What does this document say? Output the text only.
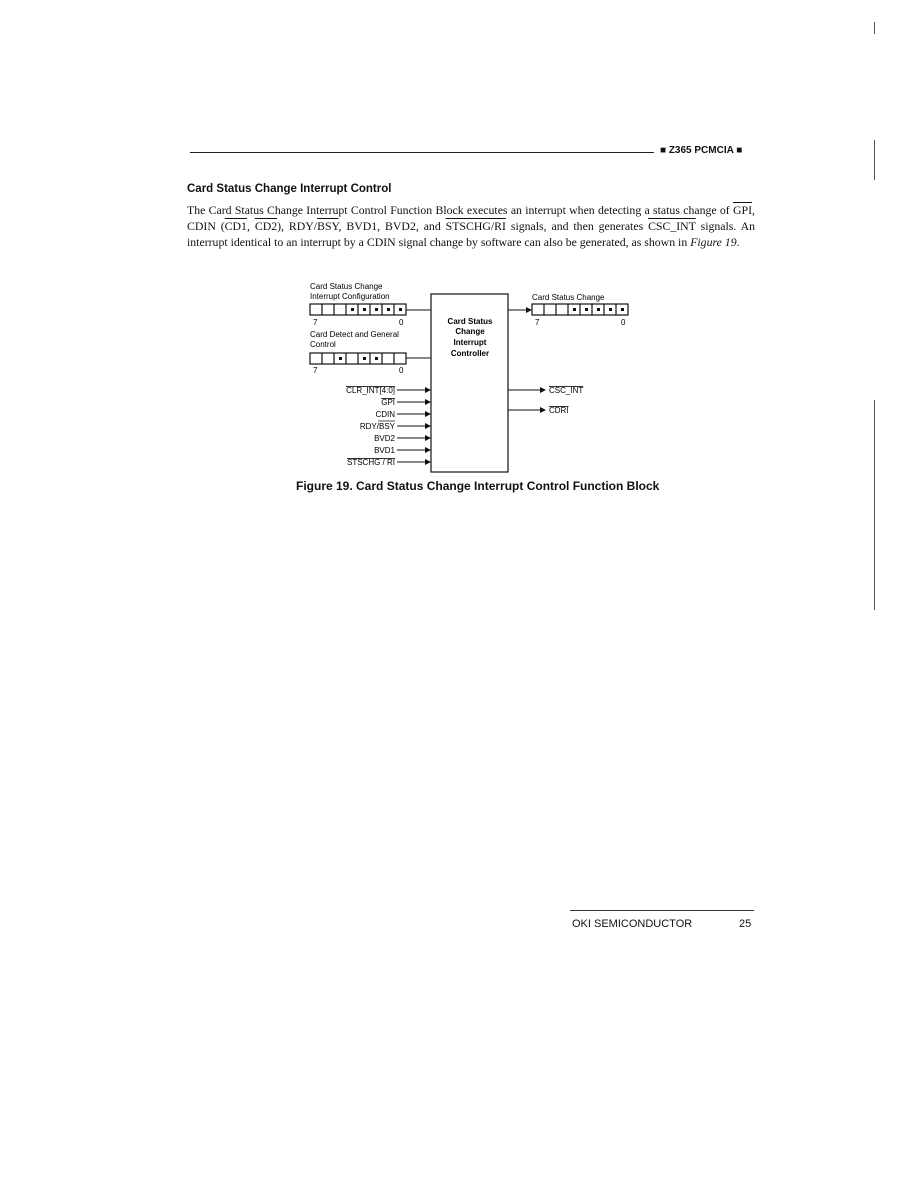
■ Z365 PCMCIA ■
Card Status Change Interrupt Control
The Card Status Change Interrupt Control Function Block executes an interrupt when detecting a status change of $\overline{GPI}$, CDIN (CD1, CD2), RDY/$\overline{BSY}$, BVD1, BVD2, and STSCHG/RI signals, and then generates CSC_INT signals. An interrupt identical to an interrupt by a CDIN signal change by software can also be generated, as shown in Figure 19.
Card Status Change
Interrupt Configuration
7	0
Card Detect and General
Control
7	0
Card Status
Change
Interrupt
Controller
Card Status Change
7	0
CLR_INT[4:0]
GPI
CDIN
RDY/BSY
BVD2
BVD1
STSCHG / RI
CSC_INT
CDRI
Figure 19. Card Status Change Interrupt Control Function Block
OKI SEMICONDUCTOR	25
